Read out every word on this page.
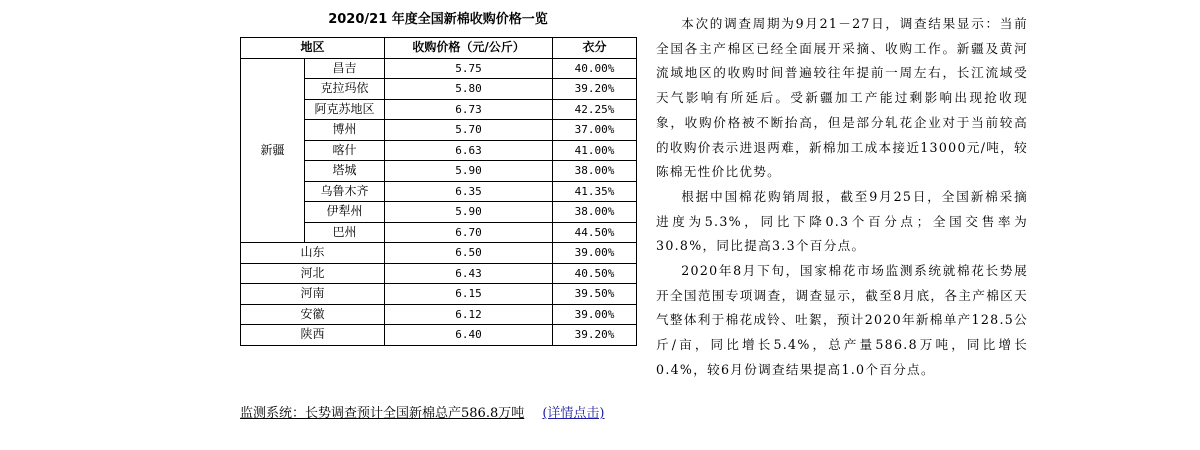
2020/21 年度全国新棉收购价格一览
地区		收购价格（元/公斤）	衣分
新疆	昌吉	5.75	40.00%
	克拉玛依	5.80	39.20%
	阿克苏地区	6.73	42.25%
	博州	5.70	37.00%
	喀什	6.63	41.00%
	塔城	5.90	38.00%
	乌鲁木齐	6.35	41.35%
	伊犁州	5.90	38.00%
	巴州	6.70	44.50%
山东		6.50	39.00%
河北		6.43	40.50%
河南		6.15	39.50%
安徽		6.12	39.00%
陕西		6.40	39.20%
监测系统：长势调查预计全国新棉总产586.8万吨 (详情点击)

本次的调查周期为9月21－27日，调查结果显示：当前全国各主产棉区已经全面展开采摘、收购工作。新疆及黄河流域地区的收购时间普遍较往年提前一周左右，长江流域受天气影响有所延后。受新疆加工产能过剩影响出现抢收现象，收购价格被不断抬高，但是部分轧花企业对于当前较高的收购价表示进退两难，新棉加工成本接近13000元/吨，较陈棉无性价比优势。

根据中国棉花购销周报，截至9月25日，全国新棉采摘进度为5.3%，同比下降0.3个百分点；全国交售率为30.8%，同比提高3.3个百分点。

2020年8月下旬，国家棉花市场监测系统就棉花长势展开全国范围专项调查，调查显示，截至8月底，各主产棉区天气整体利于棉花成铃、吐絮，预计2020年新棉单产128.5公斤/亩，同比增长5.4%，总产量586.8万吨，同比增长0.4%，较6月份调查结果提高1.0个百分点。
